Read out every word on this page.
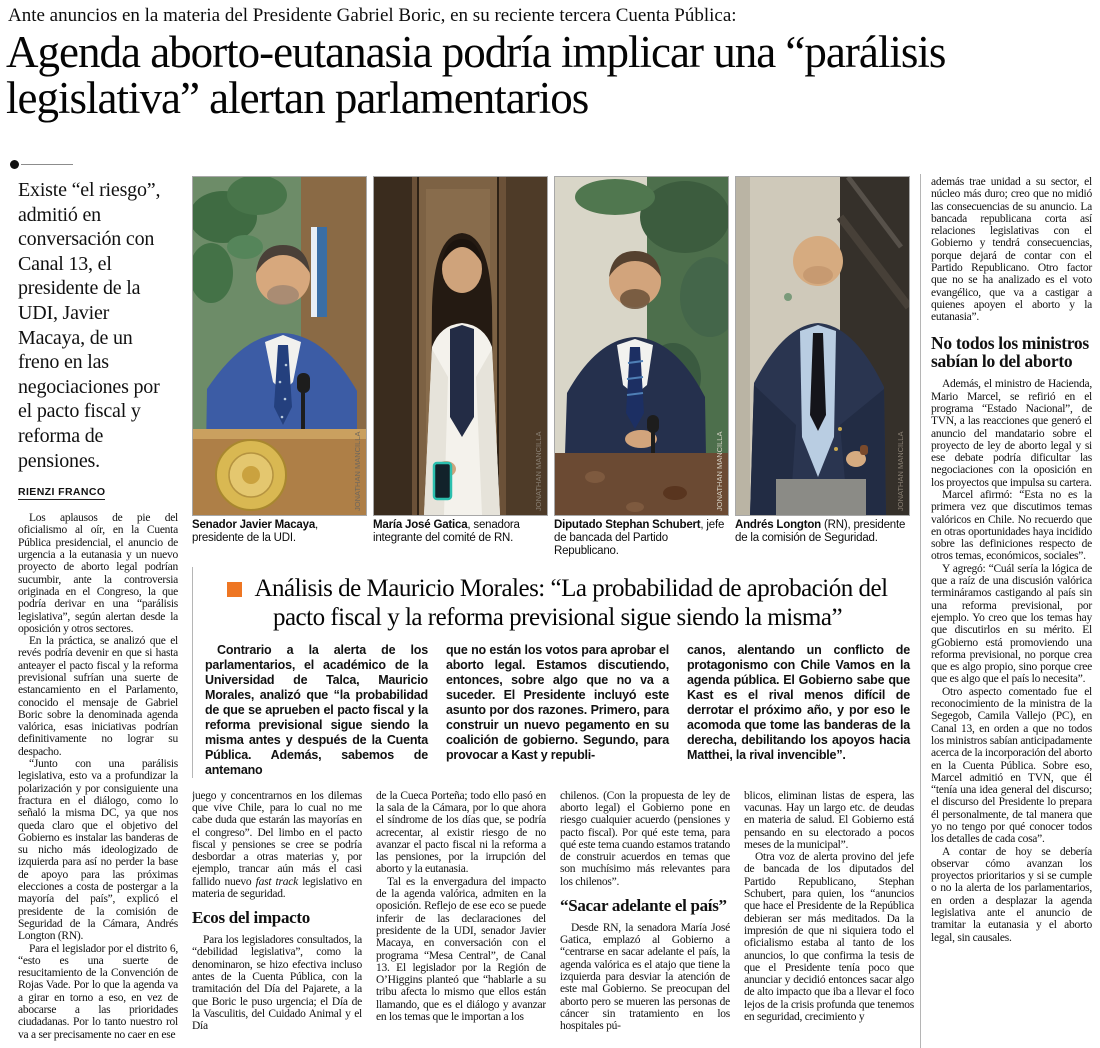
Ante anuncios en la materia del Presidente Gabriel Boric, en su reciente tercera Cuenta Pública:
Agenda aborto-eutanasia podría implicar una “parálisis legislativa” alertan parlamentarios
Existe “el riesgo”, admitió en conversación con Canal 13, el presidente de la UDI, Javier Macaya, de un freno en las negociaciones por el pacto fiscal y reforma de pensiones.
RIENZI FRANCO

Los aplausos de pie del oficialismo al oír, en la Cuenta Pública presidencial, el anuncio de urgencia a la eutanasia y un nuevo proyecto de aborto legal podrían sucumbir, ante la controversia originada en el Congreso, la que podría derivar en una “parálisis legislativa”, según alertan desde la oposición y otros sectores.

En la práctica, se analizó que el revés podría devenir en que si hasta anteayer el pacto fiscal y la reforma previsional sufrían una suerte de estancamiento en el Parlamento, conocido el mensaje de Gabriel Boric sobre la denominada agenda valórica, esas iniciativas podrían definitivamente no lograr su despacho.

“Junto con una parálisis legislativa, esto va a profundizar la polarización y por consiguiente una fractura en el diálogo, como lo señaló la misma DC, ya que nos queda claro que el objetivo del Gobierno es instalar las banderas de su nicho más ideologizado de izquierda para así no perder la base de apoyo para las próximas elecciones a costa de postergar a la mayoría del país”, explicó el presidente de la comisión de Seguridad de la Cámara, Andrés Longton (RN).

Para el legislador por el distrito 6, “esto es una suerte de resucitamiento de la Convención de Rojas Vade. Por lo que la agenda va a girar en torno a eso, en vez de abocarse a las prioridades ciudadanas. Por lo tanto nuestro rol va a ser precisamente no caer en ese

JONATHAN MANCILLA
Senador Javier Macaya, presidente de la UDI.
JONATHAN MANCILLA
María José Gatica, senadora integrante del comité de RN.
JONATHAN MANCILLA
Diputado Stephan Schubert, jefe de bancada del Partido Republicano.
JONATHAN MANCILLA
Andrés Longton (RN), presidente de la comisión de Seguridad.
Análisis de Mauricio Morales: “La probabilidad de aprobación del pacto fiscal y la reforma previsional sigue siendo la misma”

Contrario a la alerta de los parlamentarios, el académico de la Universidad de Talca, Mauricio Morales, analizó que “la probabilidad de que se aprueben el pacto fiscal y la reforma previsional sigue siendo la misma antes y después de la Cuenta Pública. Además, sabemos de antemano

que no están los votos para aprobar el aborto legal. Estamos discutiendo, entonces, sobre algo que no va a suceder. El Presidente incluyó este asunto por dos razones. Primero, para construir un nuevo pegamento en su coalición de gobierno. Segundo, para provocar a Kast y republi-

canos, alentando un conflicto de protagonismo con Chile Vamos en la agenda pública. El Gobierno sabe que Kast es el rival menos difícil de derrotar el próximo año, y por eso le acomoda que tome las banderas de la derecha, debilitando los apoyos hacia Matthei, la rival invencible”.

juego y concentrarnos en los dilemas que vive Chile, para lo cual no me cabe duda que estarán las mayorías en el congreso”. Del limbo en el pacto fiscal y pensiones se cree se podría desbordar a otras materias y, por ejemplo, trancar aún más el casi fallido nuevo fast track legislativo en materia de seguridad.

Ecos del impacto

Para los legisladores consultados, la “debilidad legislativa”, como la denominaron, se hizo efectiva incluso antes de la Cuenta Pública, con la tramitación del Día del Pajarete, a la que Boric le puso urgencia; el Día de la Vasculitis, del Cuidado Animal y el Día

de la Cueca Porteña; todo ello pasó en la sala de la Cámara, por lo que ahora el síndrome de los días que, se podría acrecentar, al existir riesgo de no avanzar el pacto fiscal ni la reforma a las pensiones, por la irrupción del aborto y la eutanasia.

Tal es la envergadura del impacto de la agenda valórica, admiten en la oposición. Reflejo de ese eco se puede inferir de las declaraciones del presidente de la UDI, senador Javier Macaya, en conversación con el programa “Mesa Central”, de Canal 13. El legislador por la Región de O’Higgins planteó que “hablarle a su tribu afecta lo mismo que ellos están llamando, que es el diálogo y avanzar en los temas que le importan a los

chilenos. (Con la propuesta de ley de aborto legal) el Gobierno pone en riesgo cualquier acuerdo (pensiones y pacto fiscal). Por qué este tema, para qué este tema cuando estamos tratando de construir acuerdos en temas que son muchísimo más relevantes para los chilenos”.

“Sacar adelante el país”

Desde RN, la senadora María José Gatica, emplazó al Gobierno a “centrarse en sacar adelante el país, la agenda valórica es el atajo que tiene la izquierda para desviar la atención de este mal Gobierno. Se preocupan del aborto pero se mueren las personas de cáncer sin tratamiento en los hospitales pú-

blicos, eliminan listas de espera, las vacunas. Hay un largo etc. de deudas en materia de salud. El Gobierno está pensando en su electorado a pocos meses de la municipal”.

Otra voz de alerta provino del jefe de bancada de los diputados del Partido Republicano, Stephan Schubert, para quien, los “anuncios que hace el Presidente de la República debieran ser más meditados. Da la impresión de que ni siquiera todo el oficialismo estaba al tanto de los anuncios, lo que confirma la tesis de que el Presidente tenía poco que anunciar y decidió entonces sacar algo de alto impacto que iba a llevar el foco lejos de la crisis profunda que tenemos en seguridad, crecimiento y

además trae unidad a su sector, el núcleo más duro; creo que no midió las consecuencias de su anuncio. La bancada republicana corta así relaciones legislativas con el Gobierno y tendrá consecuencias, porque dejará de contar con el Partido Republicano. Otro factor que no se ha analizado es el voto evangélico, que va a castigar a quienes apoyen el aborto y la eutanasia”.

No todos los ministros sabían lo del aborto

Además, el ministro de Hacienda, Mario Marcel, se refirió en el programa “Estado Nacional”, de TVN, a las reacciones que generó el anuncio del mandatario sobre el proyecto de ley de aborto legal y si ese debate podría dificultar las negociaciones con la oposición en los proyectos que impulsa su cartera.

Marcel afirmó: “Esta no es la primera vez que discutimos temas valóricos en Chile. No recuerdo que en otras oportunidades haya incidido sobre las definiciones respecto de otros temas, económicos, sociales”.

Y agregó: “Cuál sería la lógica de que a raíz de una discusión valórica termináramos castigando al país sin una reforma previsional, por ejemplo. Yo creo que los temas hay que discutirlos en su mérito. El gGobierno está promoviendo una reforma previsional, no porque crea que es algo propio, sino porque cree que es algo que el país lo necesita”.

Otro aspecto comentado fue el reconocimiento de la ministra de la Segegob, Camila Vallejo (PC), en Canal 13, en orden a que no todos los ministros sabían anticipadamente acerca de la incorporación del aborto en la Cuenta Pública. Sobre eso, Marcel admitió en TVN, que él “tenía una idea general del discurso; el discurso del Presidente lo prepara él personalmente, de tal manera que yo no tengo por qué conocer todos los detalles de cada cosa”.

A contar de hoy se debería observar cómo avanzan los proyectos prioritarios y si se cumple o no la alerta de los parlamentarios, en orden a desplazar la agenda legislativa ante el anuncio de tramitar la eutanasia y el aborto legal, sin causales.
